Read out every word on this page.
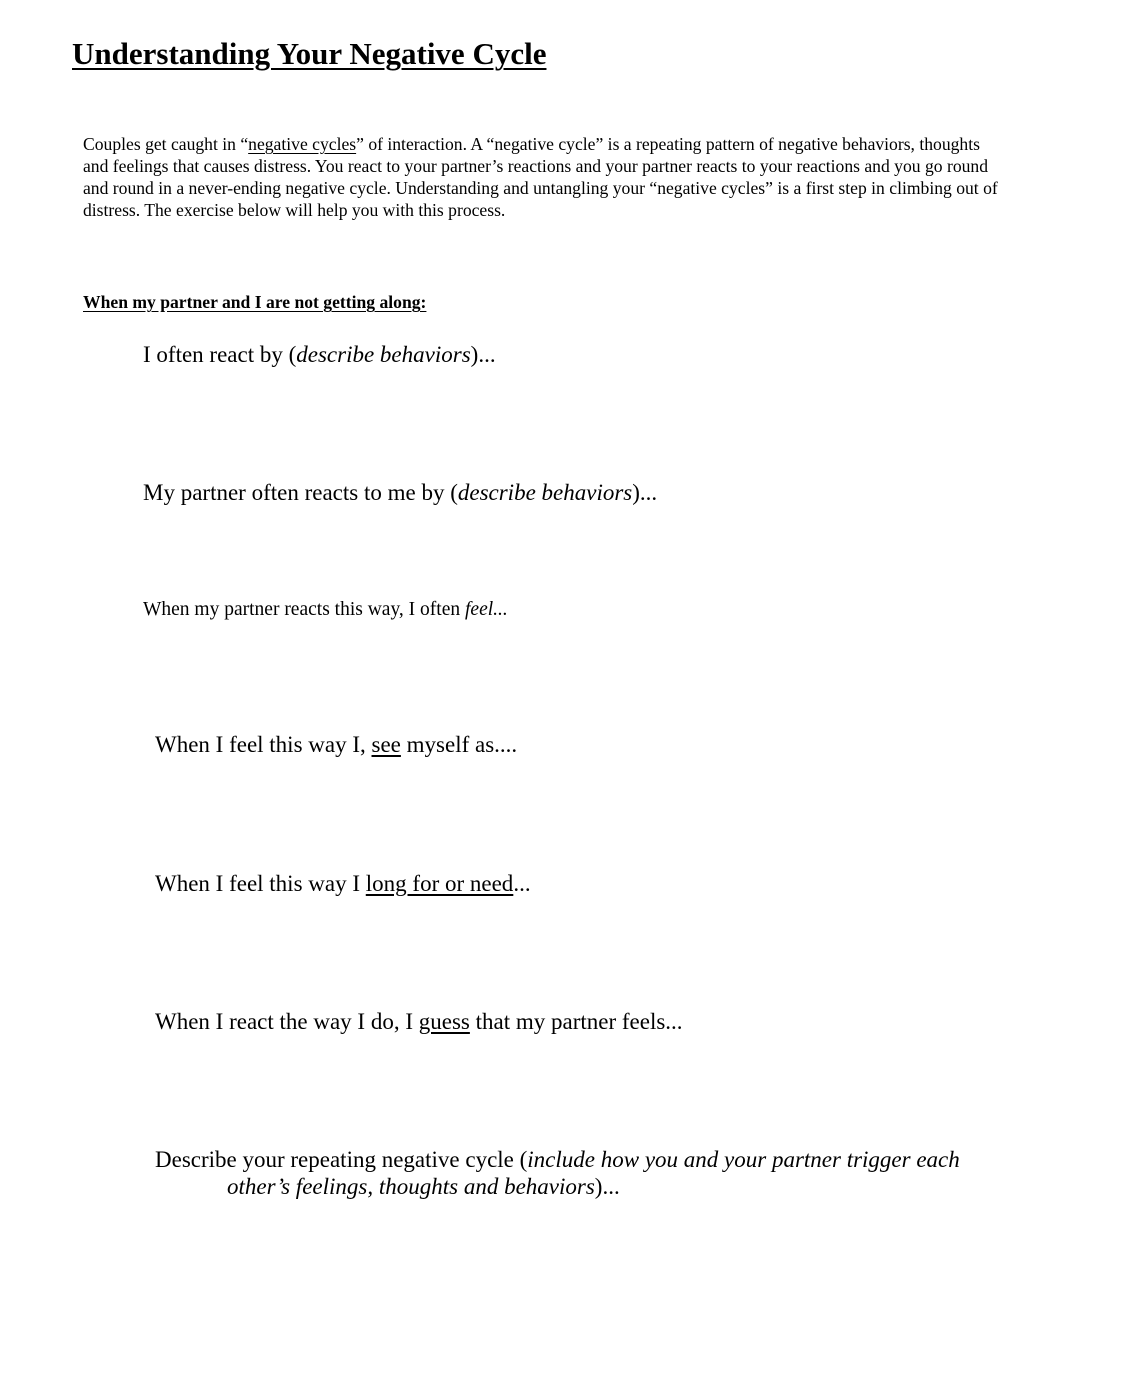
Understanding Your Negative Cycle
Couples get caught in “negative cycles” of interaction. A “negative cycle” is a repeating pattern of negative behaviors, thoughts
and feelings that causes distress. You react to your partner’s reactions and your partner reacts to your reactions and you go round
and round in a never-ending negative cycle. Understanding and untangling your “negative cycles” is a first step in climbing out of
distress. The exercise below will help you with this process.
When my partner and I are not getting along:
I often react by (describe behaviors)...
My partner often reacts to me by (describe behaviors)...
When my partner reacts this way, I often feel...
When I feel this way I, see myself as....
When I feel this way I long for or need...
When I react the way I do, I guess that my partner feels...
Describe your repeating negative cycle (include how you and your partner trigger each
other’s feelings, thoughts and behaviors)...
